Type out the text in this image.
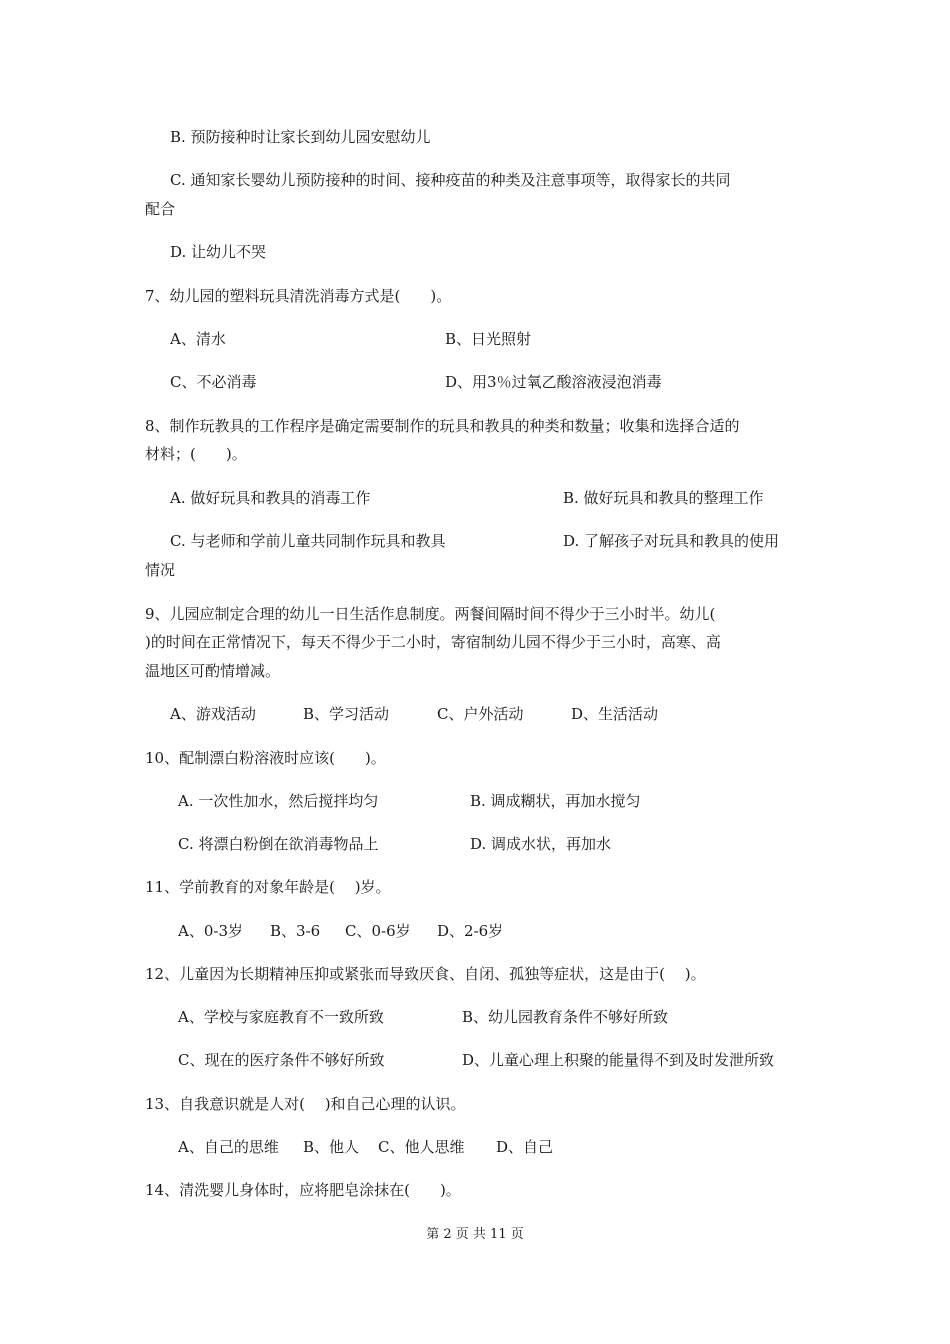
B. 预防接种时让家长到幼儿园安慰幼儿
C. 通知家长婴幼儿预防接种的时间、接种疫苗的种类及注意事项等，取得家长的共同
配合
D. 让幼儿不哭
7、幼儿园的塑料玩具清洗消毒方式是(　　)。
A、清水	B、日光照射
C、不必消毒	D、用3％过氧乙酸溶液浸泡消毒
8、制作玩教具的工作程序是确定需要制作的玩具和教具的种类和数量；收集和选择合适的
材料；(　　)。
A. 做好玩具和教具的消毒工作	B. 做好玩具和教具的整理工作
C. 与老师和学前儿童共同制作玩具和教具	D. 了解孩子对玩具和教具的使用
情况
9、儿园应制定合理的幼儿一日生活作息制度。两餐间隔时间不得少于三小时半。幼儿(
)的时间在正常情况下，每天不得少于二小时，寄宿制幼儿园不得少于三小时，高寒、高
温地区可酌情增减。
A、游戏活动	B、学习活动	C、户外活动	D、生活活动
10、配制漂白粉溶液时应该(　　)。
A. 一次性加水，然后搅拌均匀	B. 调成糊状，再加水搅匀
C. 将漂白粉倒在欲消毒物品上	D. 调成水状，再加水
11、学前教育的对象年龄是(　 )岁。
A、0-3岁 B、3-6 C、0-6岁 D、2-6岁
12、儿童因为长期精神压抑或紧张而导致厌食、自闭、孤独等症状，这是由于(　 )。
A、学校与家庭教育不一致所致	B、幼儿园教育条件不够好所致
C、现在的医疗条件不够好所致	D、儿童心理上积聚的能量得不到及时发泄所致
13、自我意识就是人对(　 )和自己心理的认识。
A、自己的思维 B、他人 C、他人思维 D、自己
14、清洗婴儿身体时，应将肥皂涂抹在(　　)。
第 2 页 共 11 页
